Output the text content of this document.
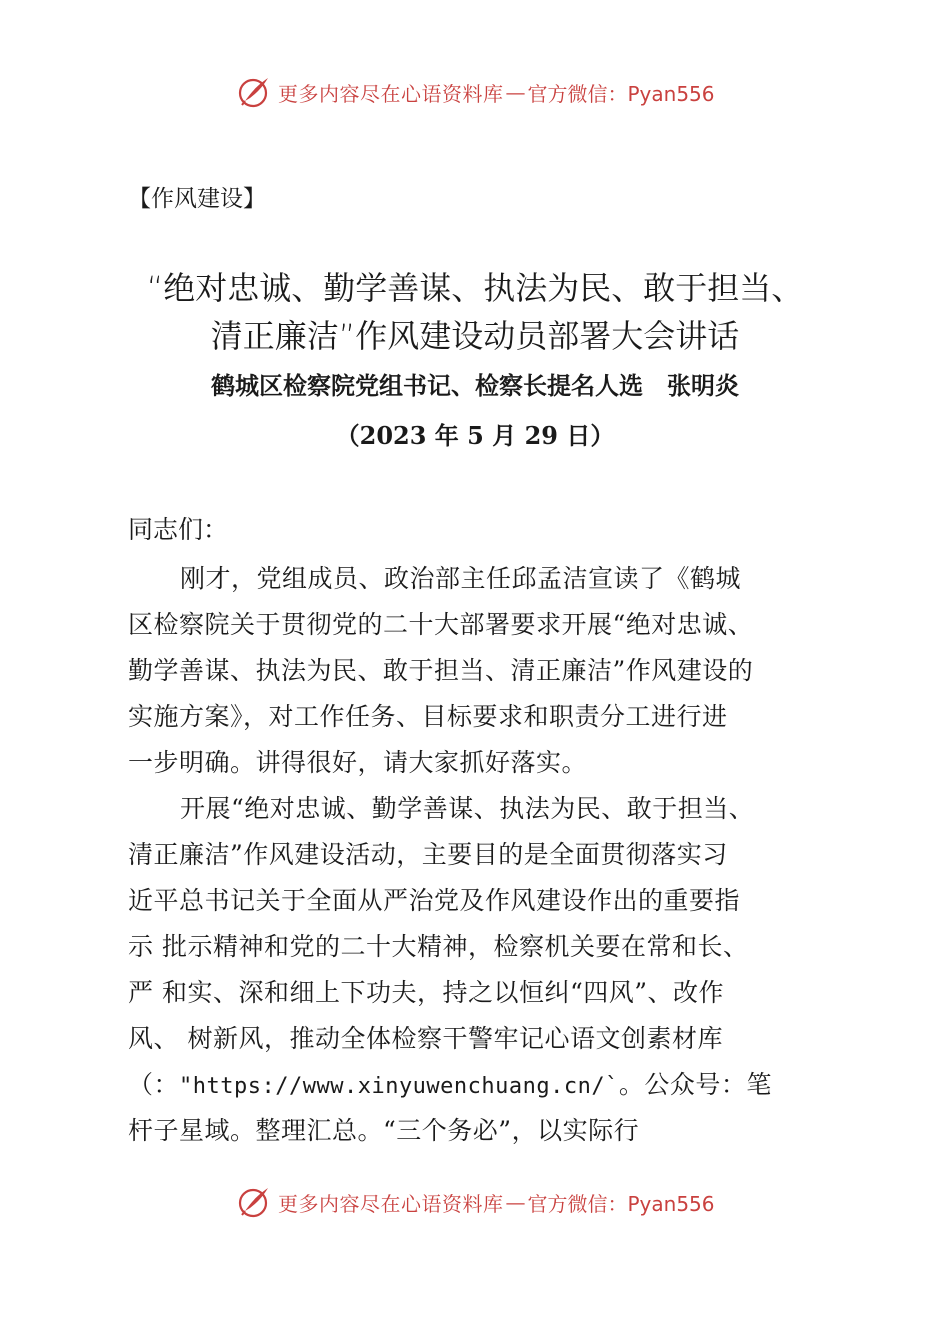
更多内容尽在心语资料库 — 官方微信：Pyan556
【作风建设】
“绝对忠诚、勤学善谋、执法为民、敢于担当、
清正廉洁”作风建设动员部署大会讲话
鹤城区检察院党组书记、检察长提名人选　张明炎
（2023 年 5 月 29 日）
同志们：
刚才，党组成员、政治部主任邱孟洁宣读了《鹤城
区检察院关于贯彻党的二十大部署要求开展“绝对忠诚、
勤学善谋、执法为民、敢于担当、清正廉洁”作风建设的
实施方案》，对工作任务、目标要求和职责分工进行进
一步明确。讲得很好，请大家抓好落实。
开展“绝对忠诚、勤学善谋、执法为民、敢于担当、
清正廉洁”作风建设活动，主要目的是全面贯彻落实习
近平总书记关于全面从严治党及作风建设作出的重要指
示 批示精神和党的二十大精神，检察机关要在常和长、
严 和实、深和细上下功夫，持之以恒纠“四风”、改作
风、 树新风，推动全体检察干警牢记心语文创素材库
（："https://www.xinyuwenchuang.cn/`。公众号：笔
杆子星域。整理汇总。“三个务必”，以实际行
更多内容尽在心语资料库 — 官方微信：Pyan556
